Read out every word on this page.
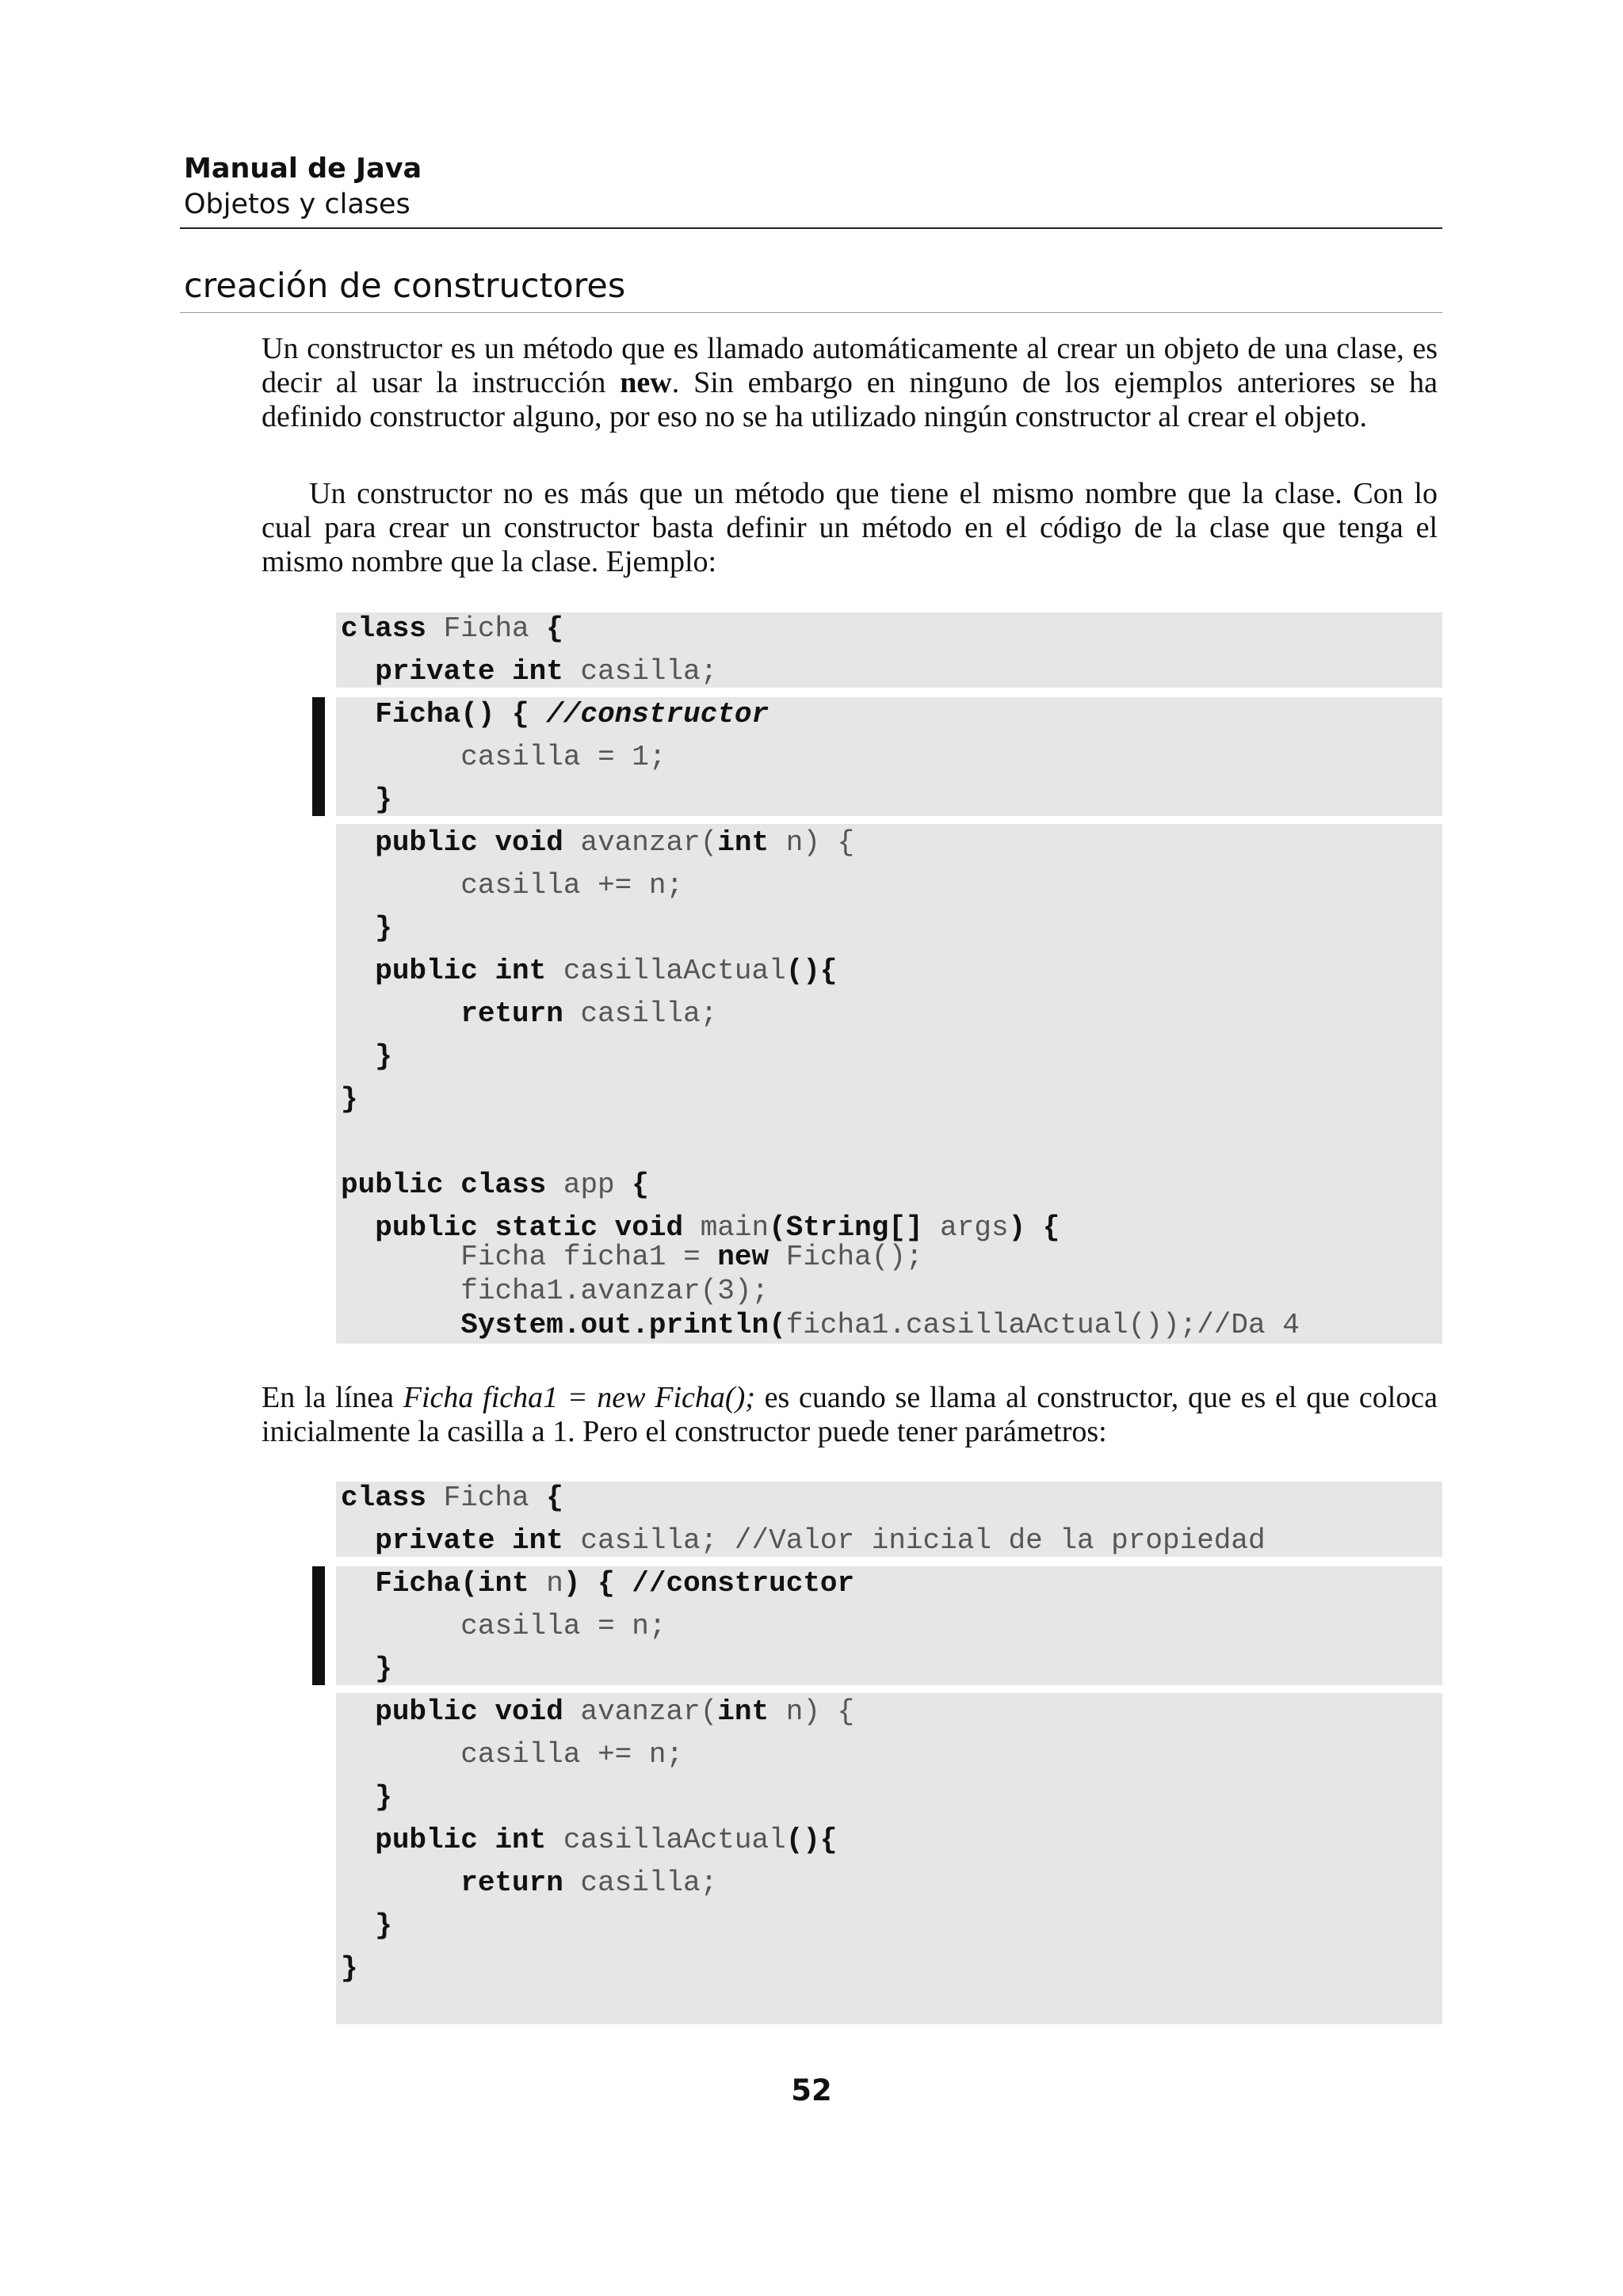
Manual de Java
Objetos y clases
creación de constructores

Un constructor es un método que es llamado automáticamente al crear un objeto de una clase, es decir al usar la instrucción new. Sin embargo en ninguno de los ejemplos anteriores se ha definido constructor alguno, por eso no se ha utilizado ningún constructor al crear el objeto.

Un constructor no es más que un método que tiene el mismo nombre que la clase. Con lo cual para crear un constructor basta definir un método en el código de la clase que tenga el mismo nombre que la clase. Ejemplo:

class Ficha {
private int casilla;
Ficha() { //constructor
casilla = 1;
}
public void avanzar(int n) {
casilla += n;
}
public int casillaActual(){
return casilla;
}
}

public class app {
public static void main(String[] args) {
Ficha ficha1 = new Ficha();
ficha1.avanzar(3);
System.out.println(ficha1.casillaActual());//Da 4

En la línea Ficha ficha1 = new Ficha(); es cuando se llama al constructor, que es el que coloca inicialmente la casilla a 1. Pero el constructor puede tener parámetros:

class Ficha {
private int casilla; //Valor inicial de la propiedad
Ficha(int n) { //constructor
casilla = n;
}
public void avanzar(int n) {
casilla += n;
}
public int casillaActual(){
return casilla;
}
}
52
